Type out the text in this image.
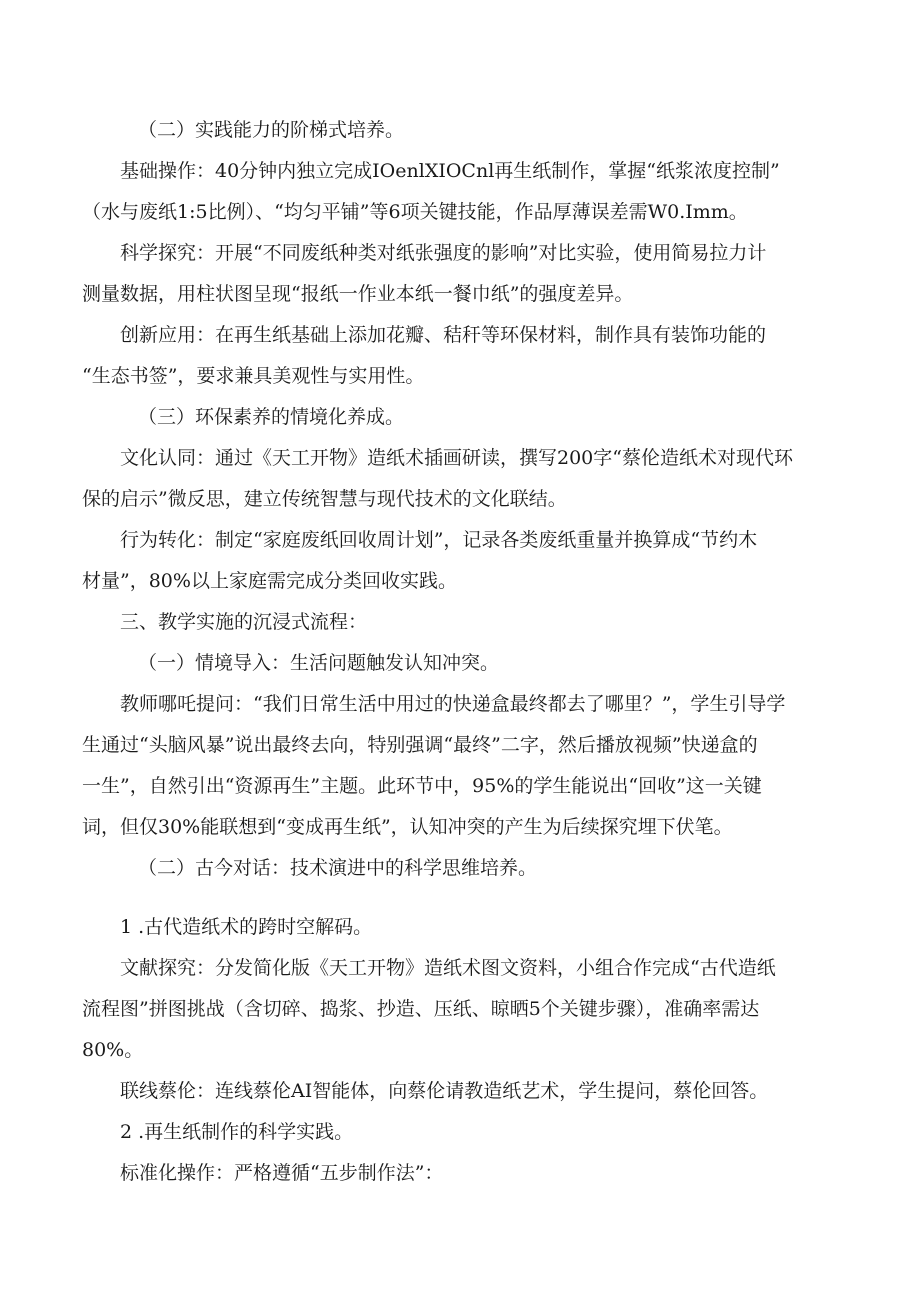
（二）实践能力的阶梯式培养。
基础操作：40分钟内独立完成IOenlXIOCnl再生纸制作，掌握“纸浆浓度控制”
（水与废纸1:5比例）、“均匀平铺”等6项关键技能，作品厚薄误差需W0.Imm。
科学探究：开展“不同废纸种类对纸张强度的影响”对比实验，使用简易拉力计
测量数据，用柱状图呈现“报纸一作业本纸一餐巾纸”的强度差异。
创新应用：在再生纸基础上添加花瓣、秸秆等环保材料，制作具有装饰功能的
“生态书签”，要求兼具美观性与实用性。
（三）环保素养的情境化养成。
文化认同：通过《天工开物》造纸术插画研读，撰写200字“蔡伦造纸术对现代环
保的启示”微反思，建立传统智慧与现代技术的文化联结。
行为转化：制定“家庭废纸回收周计划”，记录各类废纸重量并换算成“节约木
材量”，80%以上家庭需完成分类回收实践。
三、教学实施的沉浸式流程：
（一）情境导入：生活问题触发认知冲突。
教师哪吒提问：“我们日常生活中用过的快递盒最终都去了哪里？”，学生引导学
生通过“头脑风暴”说出最终去向，特别强调“最终”二字，然后播放视频”快递盒的
一生”，自然引出“资源再生”主题。此环节中，95%的学生能说出“回收”这一关键
词，但仅30%能联想到“变成再生纸”，认知冲突的产生为后续探究埋下伏笔。
（二）古今对话：技术演进中的科学思维培养。
1 .古代造纸术的跨时空解码。
文献探究：分发简化版《天工开物》造纸术图文资料，小组合作完成“古代造纸
流程图”拼图挑战（含切碎、捣浆、抄造、压纸、晾晒5个关键步骤），准确率需达
80%。
联线蔡伦：连线蔡伦AI智能体，向蔡伦请教造纸艺术，学生提问，蔡伦回答。
2 .再生纸制作的科学实践。
标准化操作：严格遵循“五步制作法”：
